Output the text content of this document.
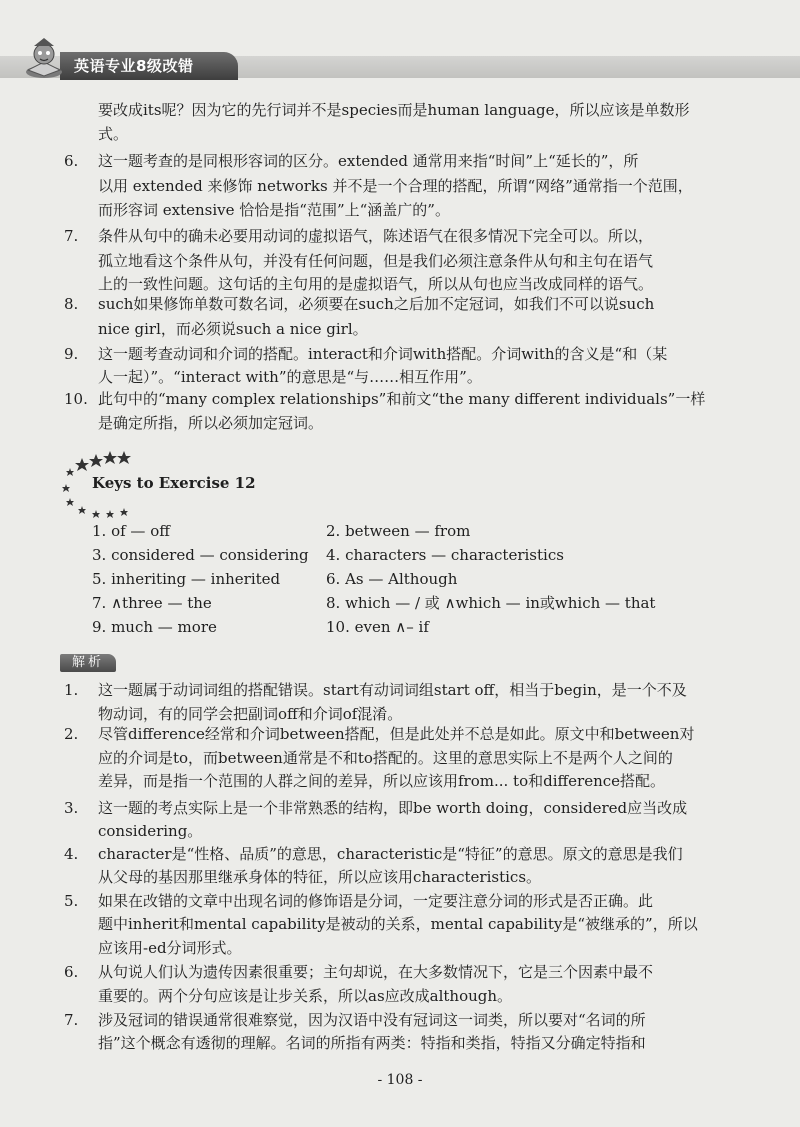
英语专业8级改错
要改成its呢？因为它的先行词并不是species而是human language，所以应该是单数形
式。
6. 这一题考查的是同根形容词的区分。extended 通常用来指“时间”上“延长的”，所
以用 extended 来修饰 networks 并不是一个合理的搭配，所谓“网络”通常指一个范围，
而形容词 extensive 恰恰是指“范围”上“涵盖广的”。
7. 条件从句中的确未必要用动词的虚拟语气，陈述语气在很多情况下完全可以。所以，
孤立地看这个条件从句，并没有任何问题，但是我们必须注意条件从句和主句在语气
上的一致性问题。这句话的主句用的是虚拟语气，所以从句也应当改成同样的语气。
8. such如果修饰单数可数名词，必须要在such之后加不定冠词，如我们不可以说such
nice girl，而必须说such a nice girl。
9. 这一题考查动词和介词的搭配。interact和介词with搭配。介词with的含义是“和（某
人一起）”。“interact with”的意思是“与……相互作用”。
10. 此句中的“many complex relationships”和前文“the many different individuals”一样
是确定所指，所以必须加定冠词。
Keys to Exercise 12
1. of — off	2. between — from
3. considered — considering 4. characters — characteristics
5. inheriting — inherited	6. As — Although
7. ∧three — the	8. which — / 或 ∧which — in或which — that
9. much — more	10. even ∧– if
解析
1. 这一题属于动词词组的搭配错误。start有动词词组start off，相当于begin，是一个不及
物动词，有的同学会把副词off和介词of混淆。
2. 尽管difference经常和介词between搭配，但是此处并不总是如此。原文中和between对
应的介词是to，而between通常是不和to搭配的。这里的意思实际上不是两个人之间的
差异，而是指一个范围的人群之间的差异，所以应该用from... to和difference搭配。
3. 这一题的考点实际上是一个非常熟悉的结构，即be worth doing，considered应当改成
considering。
4. character是“性格、品质”的意思，characteristic是“特征”的意思。原文的意思是我们
从父母的基因那里继承身体的特征，所以应该用characteristics。
5. 如果在改错的文章中出现名词的修饰语是分词，一定要注意分词的形式是否正确。此
题中inherit和mental capability是被动的关系，mental capability是“被继承的”，所以
应该用-ed分词形式。
6. 从句说人们认为遗传因素很重要；主句却说，在大多数情况下，它是三个因素中最不
重要的。两个分句应该是让步关系，所以as应改成although。
7. 涉及冠词的错误通常很难察觉，因为汉语中没有冠词这一词类，所以要对“名词的所
指”这个概念有透彻的理解。名词的所指有两类：特指和类指，特指又分确定特指和
- 108 -
